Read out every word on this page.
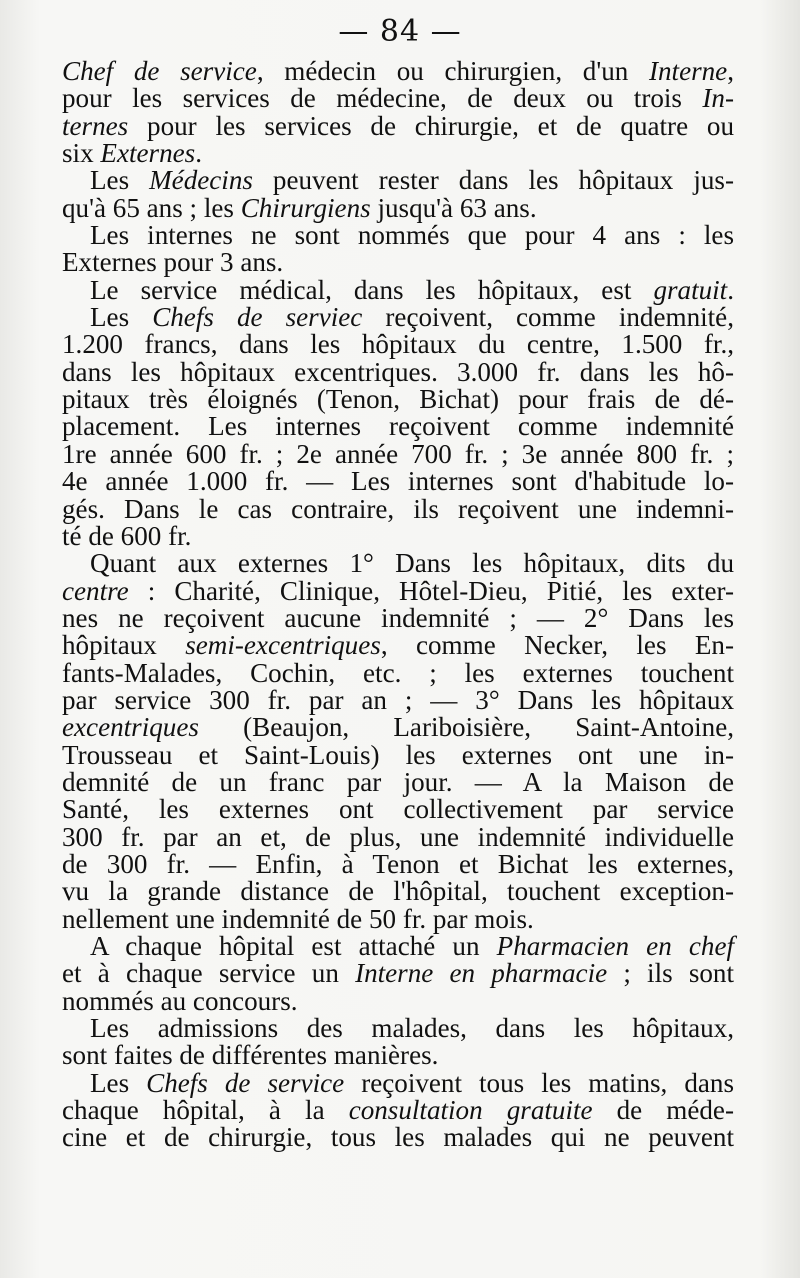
— 84 —
Chef de service, médecin ou chirurgien, d'un Interne,
pour les services de médecine, de deux ou trois In-
ternes pour les services de chirurgie, et de quatre ou
six Externes.
Les Médecins peuvent rester dans les hôpitaux jus-
qu'à 65 ans ; les Chirurgiens jusqu'à 63 ans.
Les internes ne sont nommés que pour 4 ans : les
Externes pour 3 ans.
Le service médical, dans les hôpitaux, est gratuit.
Les Chefs de serviec reçoivent, comme indemnité,
1.200 francs, dans les hôpitaux du centre, 1.500 fr.,
dans les hôpitaux excentriques. 3.000 fr. dans les hô-
pitaux très éloignés (Tenon, Bichat) pour frais de dé-
placement. Les internes reçoivent comme indemnité
1re année 600 fr. ; 2e année 700 fr. ; 3e année 800 fr. ;
4e année 1.000 fr. — Les internes sont d'habitude lo-
gés. Dans le cas contraire, ils reçoivent une indemni-
té de 600 fr.
Quant aux externes 1° Dans les hôpitaux, dits du
centre : Charité, Clinique, Hôtel-Dieu, Pitié, les exter-
nes ne reçoivent aucune indemnité ; — 2° Dans les
hôpitaux semi-excentriques, comme Necker, les En-
fants-Malades, Cochin, etc. ; les externes touchent
par service 300 fr. par an ; — 3° Dans les hôpitaux
excentriques (Beaujon, Lariboisière, Saint-Antoine,
Trousseau et Saint-Louis) les externes ont une in-
demnité de un franc par jour. — A la Maison de
Santé, les externes ont collectivement par service
300 fr. par an et, de plus, une indemnité individuelle
de 300 fr. — Enfin, à Tenon et Bichat les externes,
vu la grande distance de l'hôpital, touchent exception-
nellement une indemnité de 50 fr. par mois.
A chaque hôpital est attaché un Pharmacien en chef
et à chaque service un Interne en pharmacie ; ils sont
nommés au concours.
Les admissions des malades, dans les hôpitaux,
sont faites de différentes manières.
Les Chefs de service reçoivent tous les matins, dans
chaque hôpital, à la consultation gratuite de méde-
cine et de chirurgie, tous les malades qui ne peuvent
